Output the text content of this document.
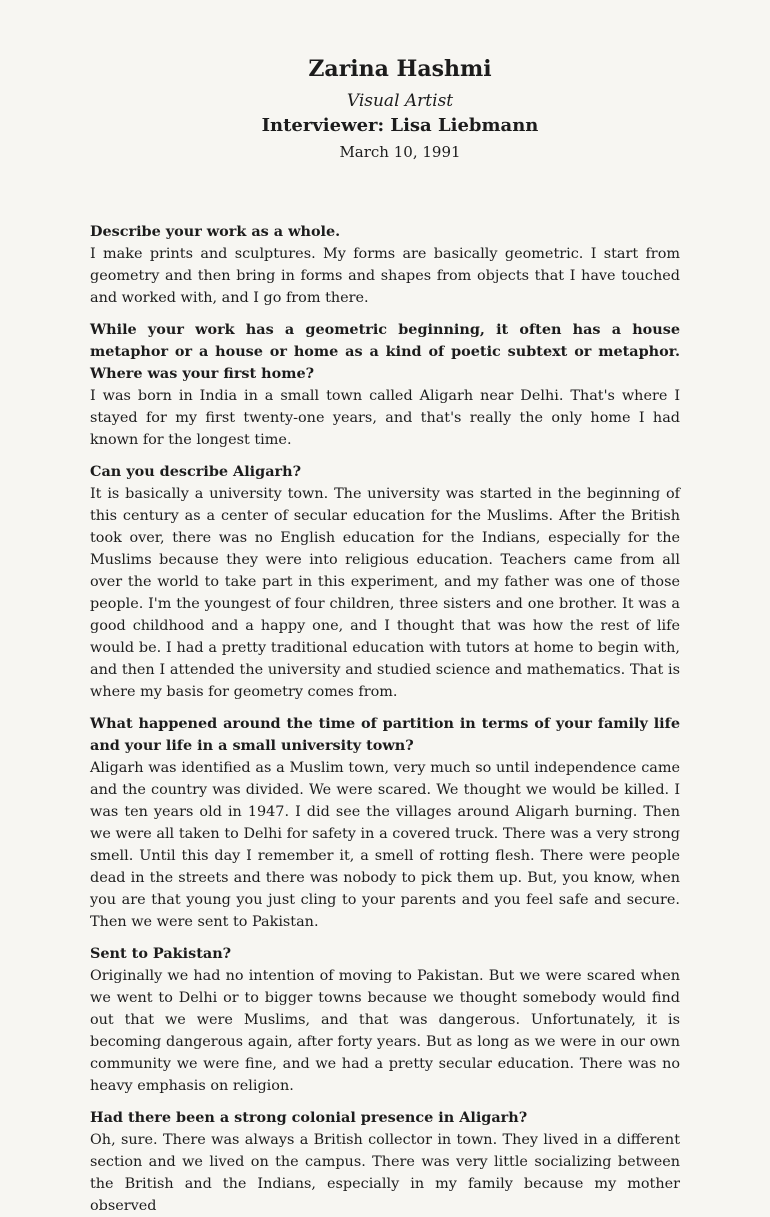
Zarina Hashmi
Visual Artist
Interviewer: Lisa Liebmann
March 10, 1991

Describe your work as a whole.

I make prints and sculptures. My forms are basically geometric. I start from geometry and then bring in forms and shapes from objects that I have touched and worked with, and I go from there.

While your work has a geometric beginning, it often has a house metaphor or a house or home as a kind of poetic subtext or metaphor. Where was your first home?

I was born in India in a small town called Aligarh near Delhi. That's where I stayed for my first twenty-one years, and that's really the only home I had known for the longest time.

Can you describe Aligarh?

It is basically a university town. The university was started in the beginning of this century as a center of secular education for the Muslims. After the British took over, there was no English education for the Indians, especially for the Muslims because they were into religious education. Teachers came from all over the world to take part in this experiment, and my father was one of those people. I'm the youngest of four children, three sisters and one brother. It was a good childhood and a happy one, and I thought that was how the rest of life would be. I had a pretty traditional education with tutors at home to begin with, and then I attended the university and studied science and mathematics. That is where my basis for geometry comes from.

What happened around the time of partition in terms of your family life and your life in a small university town?

Aligarh was identified as a Muslim town, very much so until independence came and the country was divided. We were scared. We thought we would be killed. I was ten years old in 1947. I did see the villages around Aligarh burning. Then we were all taken to Delhi for safety in a covered truck. There was a very strong smell. Until this day I remember it, a smell of rotting flesh. There were people dead in the streets and there was nobody to pick them up. But, you know, when you are that young you just cling to your parents and you feel safe and secure. Then we were sent to Pakistan.

Sent to Pakistan?

Originally we had no intention of moving to Pakistan. But we were scared when we went to Delhi or to bigger towns because we thought somebody would find out that we were Muslims, and that was dangerous. Unfortunately, it is becoming dangerous again, after forty years. But as long as we were in our own community we were fine, and we had a pretty secular education. There was no heavy emphasis on religion.

Had there been a strong colonial presence in Aligarh?

Oh, sure. There was always a British collector in town. They lived in a different section and we lived on the campus. There was very little socializing between the British and the Indians, especially in my family because my mother observed
